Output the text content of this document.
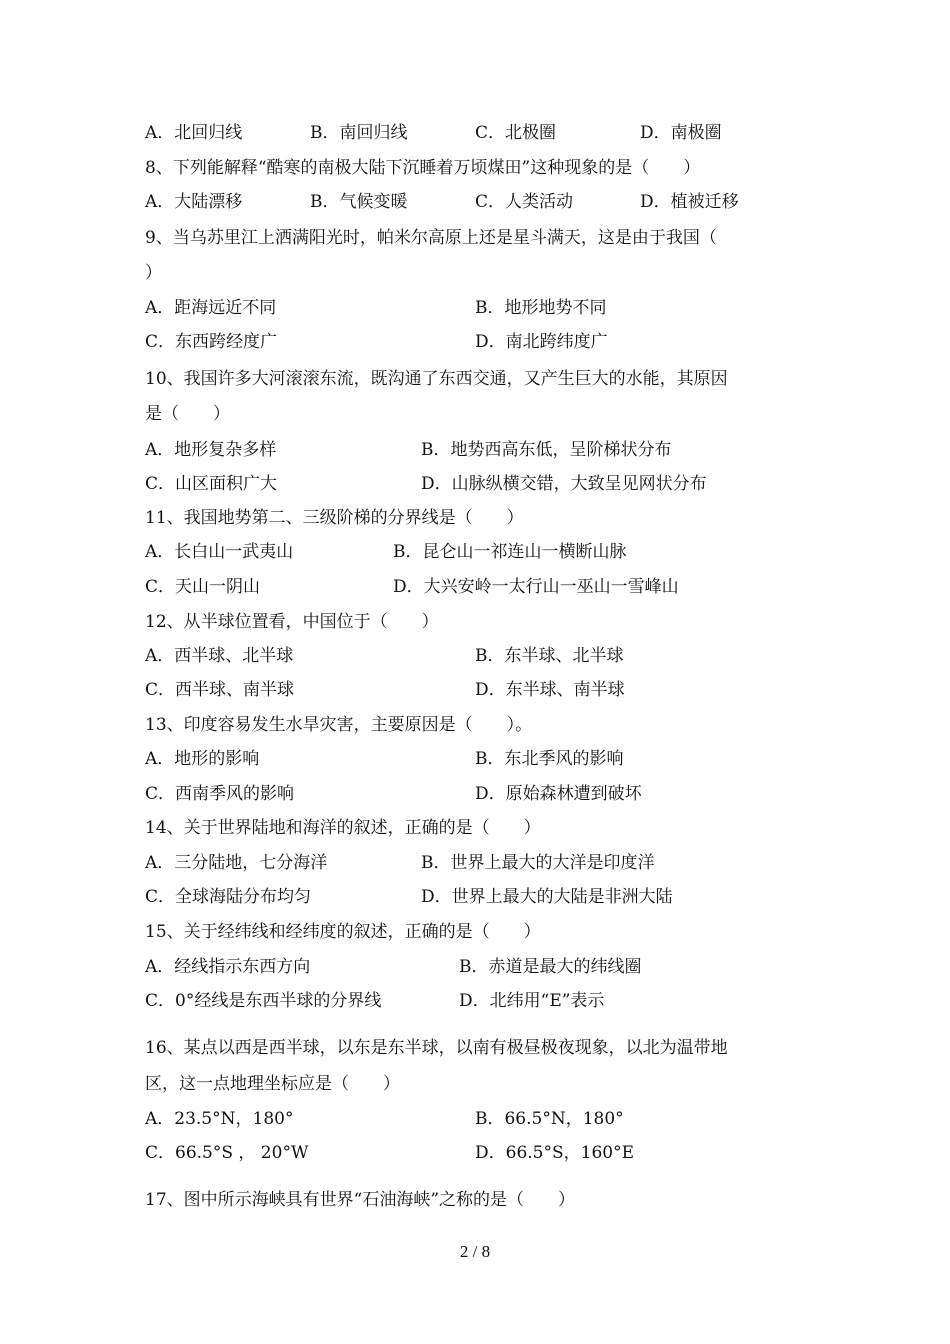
A．北回归线	B．南回归线	C．北极圈	D．南极圈
8、下列能解释“酷寒的南极大陆下沉睡着万顷煤田”这种现象的是（　　）
A．大陆漂移	B．气候变暖	C．人类活动	D．植被迁移
9、当乌苏里江上洒满阳光时，帕米尔高原上还是星斗满天，这是由于我国（
）
A．距海远近不同	B．地形地势不同
C．东西跨经度广	D．南北跨纬度广
10、我国许多大河滚滚东流，既沟通了东西交通，又产生巨大的水能，其原因
是（　　）
A．地形复杂多样	B．地势西高东低，呈阶梯状分布
C．山区面积广大	D．山脉纵横交错，大致呈见网状分布
11、我国地势第二、三级阶梯的分界线是（　　）
A．长白山一武夷山	B．昆仑山一祁连山一横断山脉
C．天山一阴山	D．大兴安岭一太行山一巫山一雪峰山
12、从半球位置看，中国位于（　　）
A．西半球、北半球	B．东半球、北半球
C．西半球、南半球	D．东半球、南半球
13、印度容易发生水旱灾害，主要原因是（　　）。
A．地形的影响	B．东北季风的影响
C．西南季风的影响	D．原始森林遭到破坏
14、关于世界陆地和海洋的叙述，正确的是（　　）
A．三分陆地，七分海洋	B．世界上最大的大洋是印度洋
C．全球海陆分布均匀	D．世界上最大的大陆是非洲大陆
15、关于经纬线和经纬度的叙述，正确的是（　　）
A．经线指示东西方向	B．赤道是最大的纬线圈
C．0°经线是东西半球的分界线	D．北纬用“E”表示
16、某点以西是西半球，以东是东半球，以南有极昼极夜现象，以北为温带地
区，这一点地理坐标应是（　　）
A．23.5°N，180°	B．66.5°N，180°
C．66.5°S ， 20°W	D．66.5°S，160°E
17、图中所示海峡具有世界“石油海峡”之称的是（　　）
2 / 8
